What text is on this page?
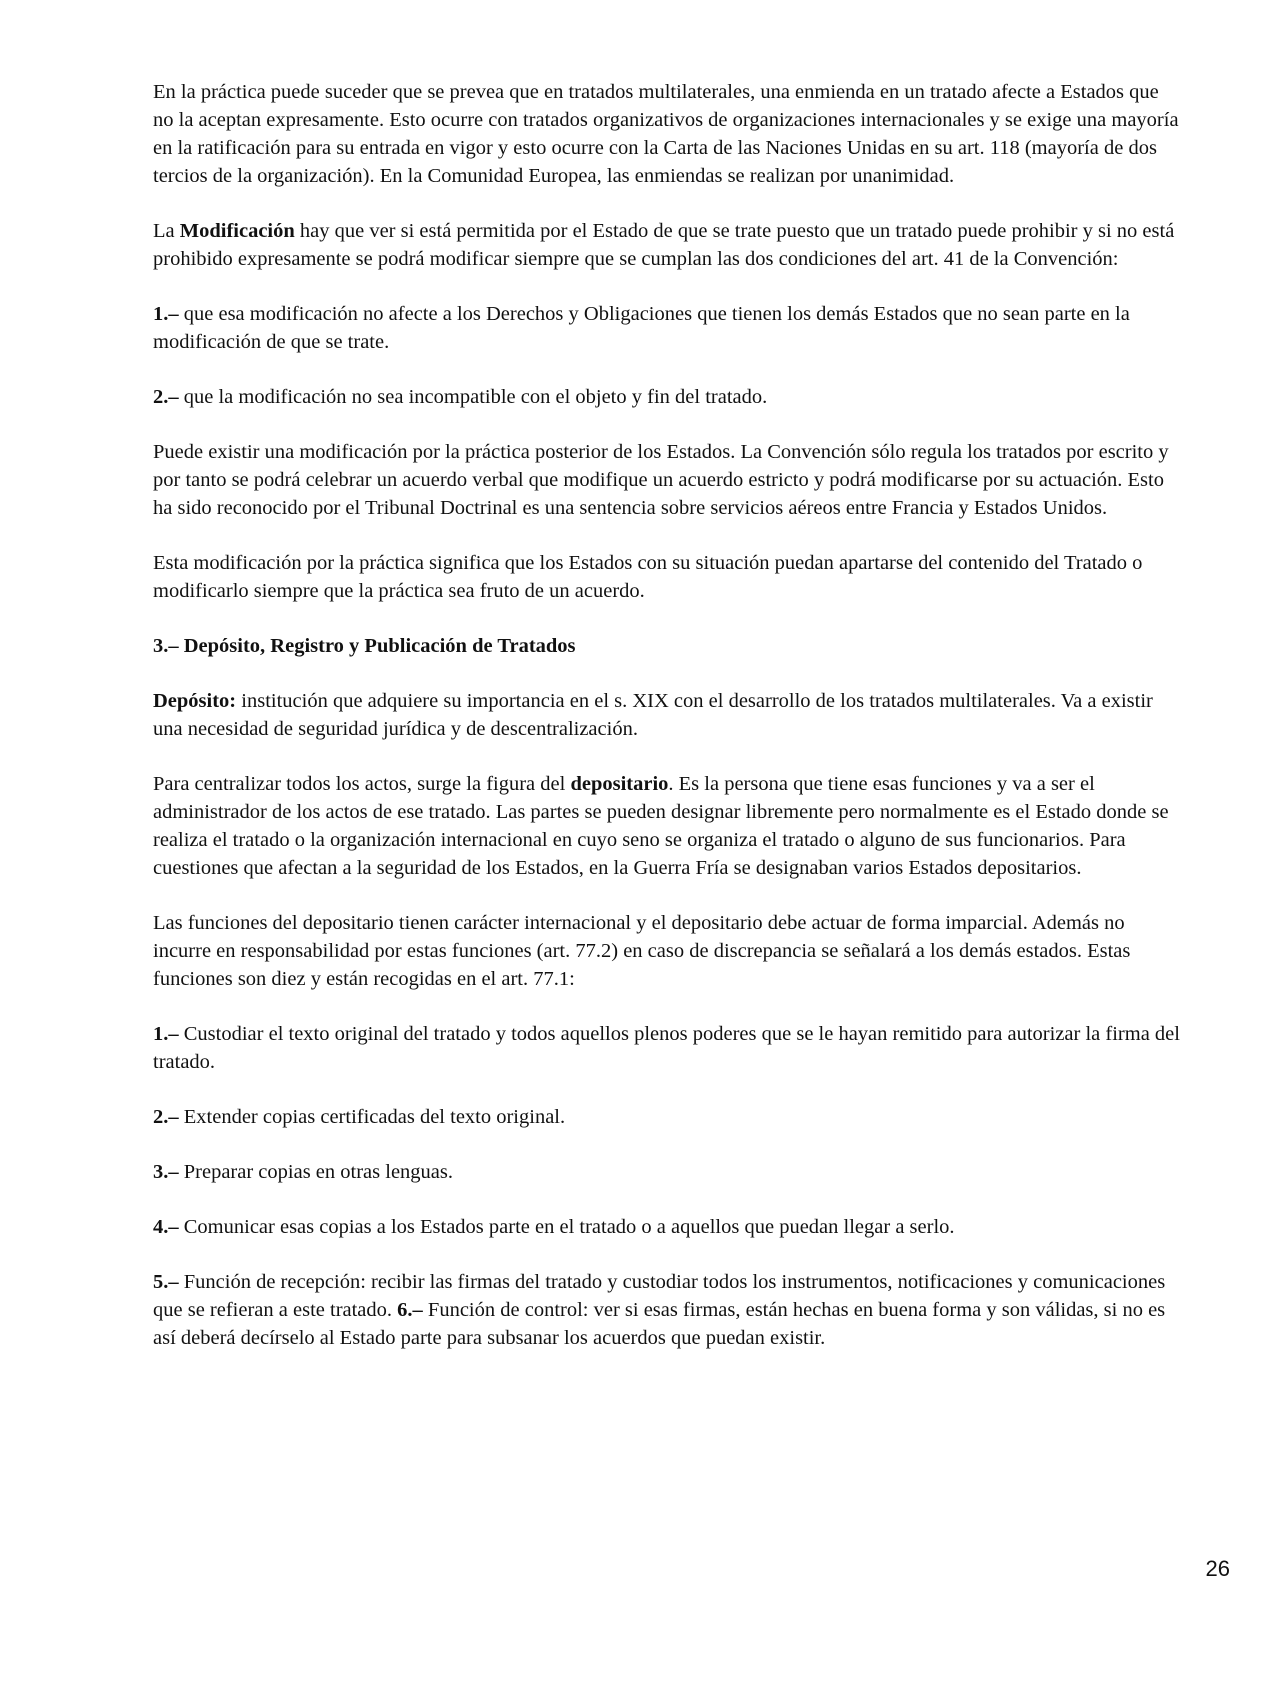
En la práctica puede suceder que se prevea que en tratados multilaterales, una enmienda en un tratado afecte a Estados que no la aceptan expresamente. Esto ocurre con tratados organizativos de organizaciones internacionales y se exige una mayoría en la ratificación para su entrada en vigor y esto ocurre con la Carta de las Naciones Unidas en su art. 118 (mayoría de dos tercios de la organización). En la Comunidad Europea, las enmiendas se realizan por unanimidad.

La Modificación hay que ver si está permitida por el Estado de que se trate puesto que un tratado puede prohibir y si no está prohibido expresamente se podrá modificar siempre que se cumplan las dos condiciones del art. 41 de la Convención:

1.– que esa modificación no afecte a los Derechos y Obligaciones que tienen los demás Estados que no sean parte en la modificación de que se trate.

2.– que la modificación no sea incompatible con el objeto y fin del tratado.

Puede existir una modificación por la práctica posterior de los Estados. La Convención sólo regula los tratados por escrito y por tanto se podrá celebrar un acuerdo verbal que modifique un acuerdo estricto y podrá modificarse por su actuación. Esto ha sido reconocido por el Tribunal Doctrinal es una sentencia sobre servicios aéreos entre Francia y Estados Unidos.

Esta modificación por la práctica significa que los Estados con su situación puedan apartarse del contenido del Tratado o modificarlo siempre que la práctica sea fruto de un acuerdo.

3.– Depósito, Registro y Publicación de Tratados

Depósito: institución que adquiere su importancia en el s. XIX con el desarrollo de los tratados multilaterales. Va a existir una necesidad de seguridad jurídica y de descentralización.

Para centralizar todos los actos, surge la figura del depositario. Es la persona que tiene esas funciones y va a ser el administrador de los actos de ese tratado. Las partes se pueden designar libremente pero normalmente es el Estado donde se realiza el tratado o la organización internacional en cuyo seno se organiza el tratado o alguno de sus funcionarios. Para cuestiones que afectan a la seguridad de los Estados, en la Guerra Fría se designaban varios Estados depositarios.

Las funciones del depositario tienen carácter internacional y el depositario debe actuar de forma imparcial. Además no incurre en responsabilidad por estas funciones (art. 77.2) en caso de discrepancia se señalará a los demás estados. Estas funciones son diez y están recogidas en el art. 77.1:

1.– Custodiar el texto original del tratado y todos aquellos plenos poderes que se le hayan remitido para autorizar la firma del tratado.

2.– Extender copias certificadas del texto original.

3.– Preparar copias en otras lenguas.

4.– Comunicar esas copias a los Estados parte en el tratado o a aquellos que puedan llegar a serlo.

5.– Función de recepción: recibir las firmas del tratado y custodiar todos los instrumentos, notificaciones y comunicaciones que se refieran a este tratado. 6.– Función de control: ver si esas firmas, están hechas en buena forma y son válidas, si no es así deberá decírselo al Estado parte para subsanar los acuerdos que puedan existir.

26
